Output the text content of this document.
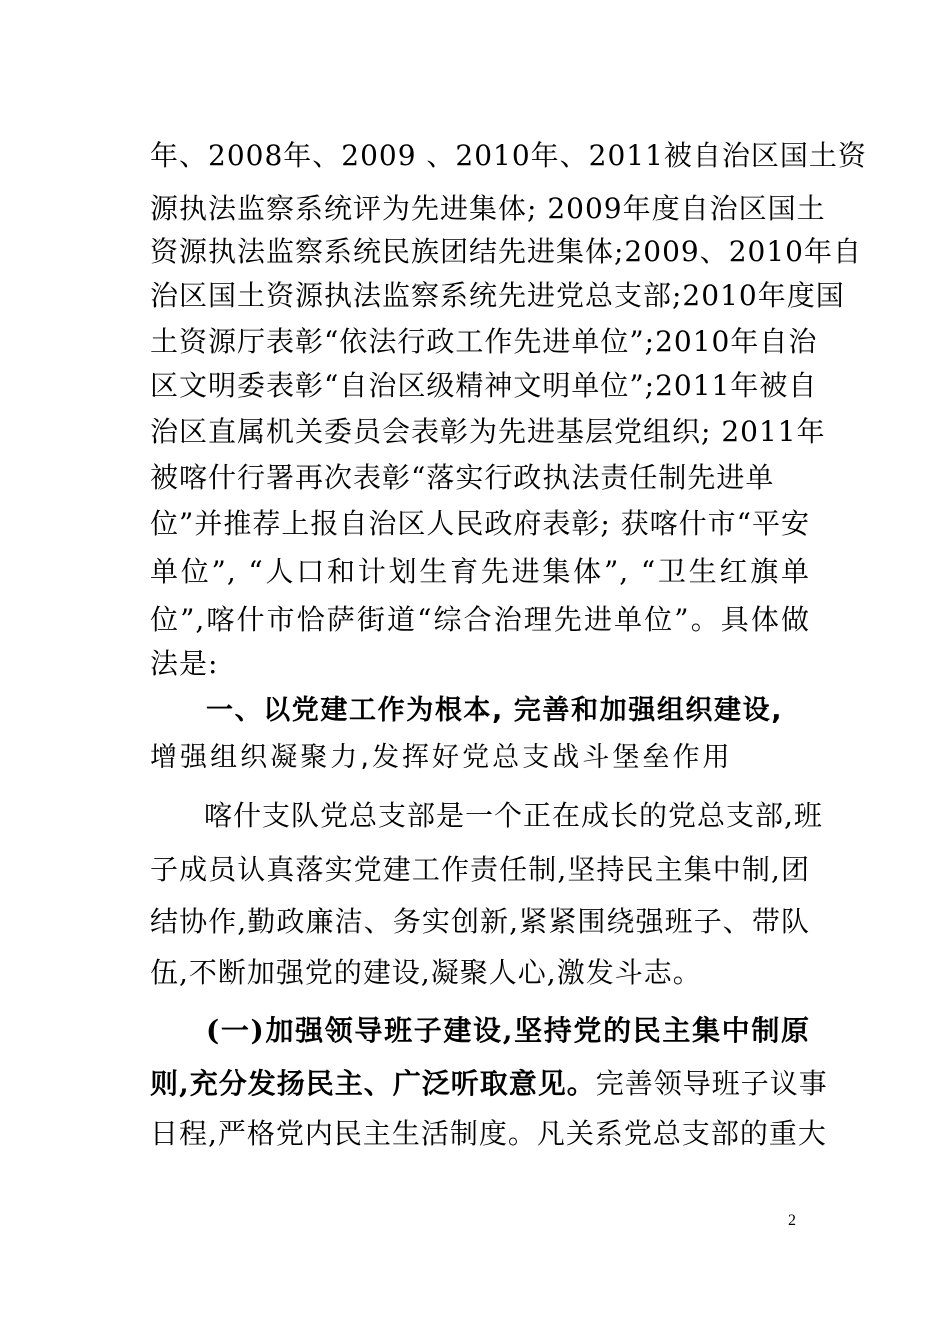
年、2008年、2009 、2010年、2011被自治区国土资
源执法监察系统评为先进集体; 2009年度自治区国土
资源执法监察系统民族团结先进集体;2009、2010年自
治区国土资源执法监察系统先进党总支部;2010年度国
土资源厅表彰“依法行政工作先进单位”;2010年自治
区文明委表彰“自治区级精神文明单位”;2011年被自
治区直属机关委员会表彰为先进基层党组织; 2011年
被喀什行署再次表彰“落实行政执法责任制先进单
位”并推荐上报自治区人民政府表彰; 获喀什市“平安
单位”, “人口和计划生育先进集体”, “卫生红旗单
位”,喀什市恰萨街道“综合治理先进单位”。具体做
法是:
一、以党建工作为根本, 完善和加强组织建设,
增强组织凝聚力,发挥好党总支战斗堡垒作用
喀什支队党总支部是一个正在成长的党总支部,班
子成员认真落实党建工作责任制,坚持民主集中制,团
结协作,勤政廉洁、务实创新,紧紧围绕强班子、带队
伍,不断加强党的建设,凝聚人心,激发斗志。
(一)加强领导班子建设,坚持党的民主集中制原
则,充分发扬民主、广泛听取意见。完善领导班子议事
日程,严格党内民主生活制度。凡关系党总支部的重大
2
